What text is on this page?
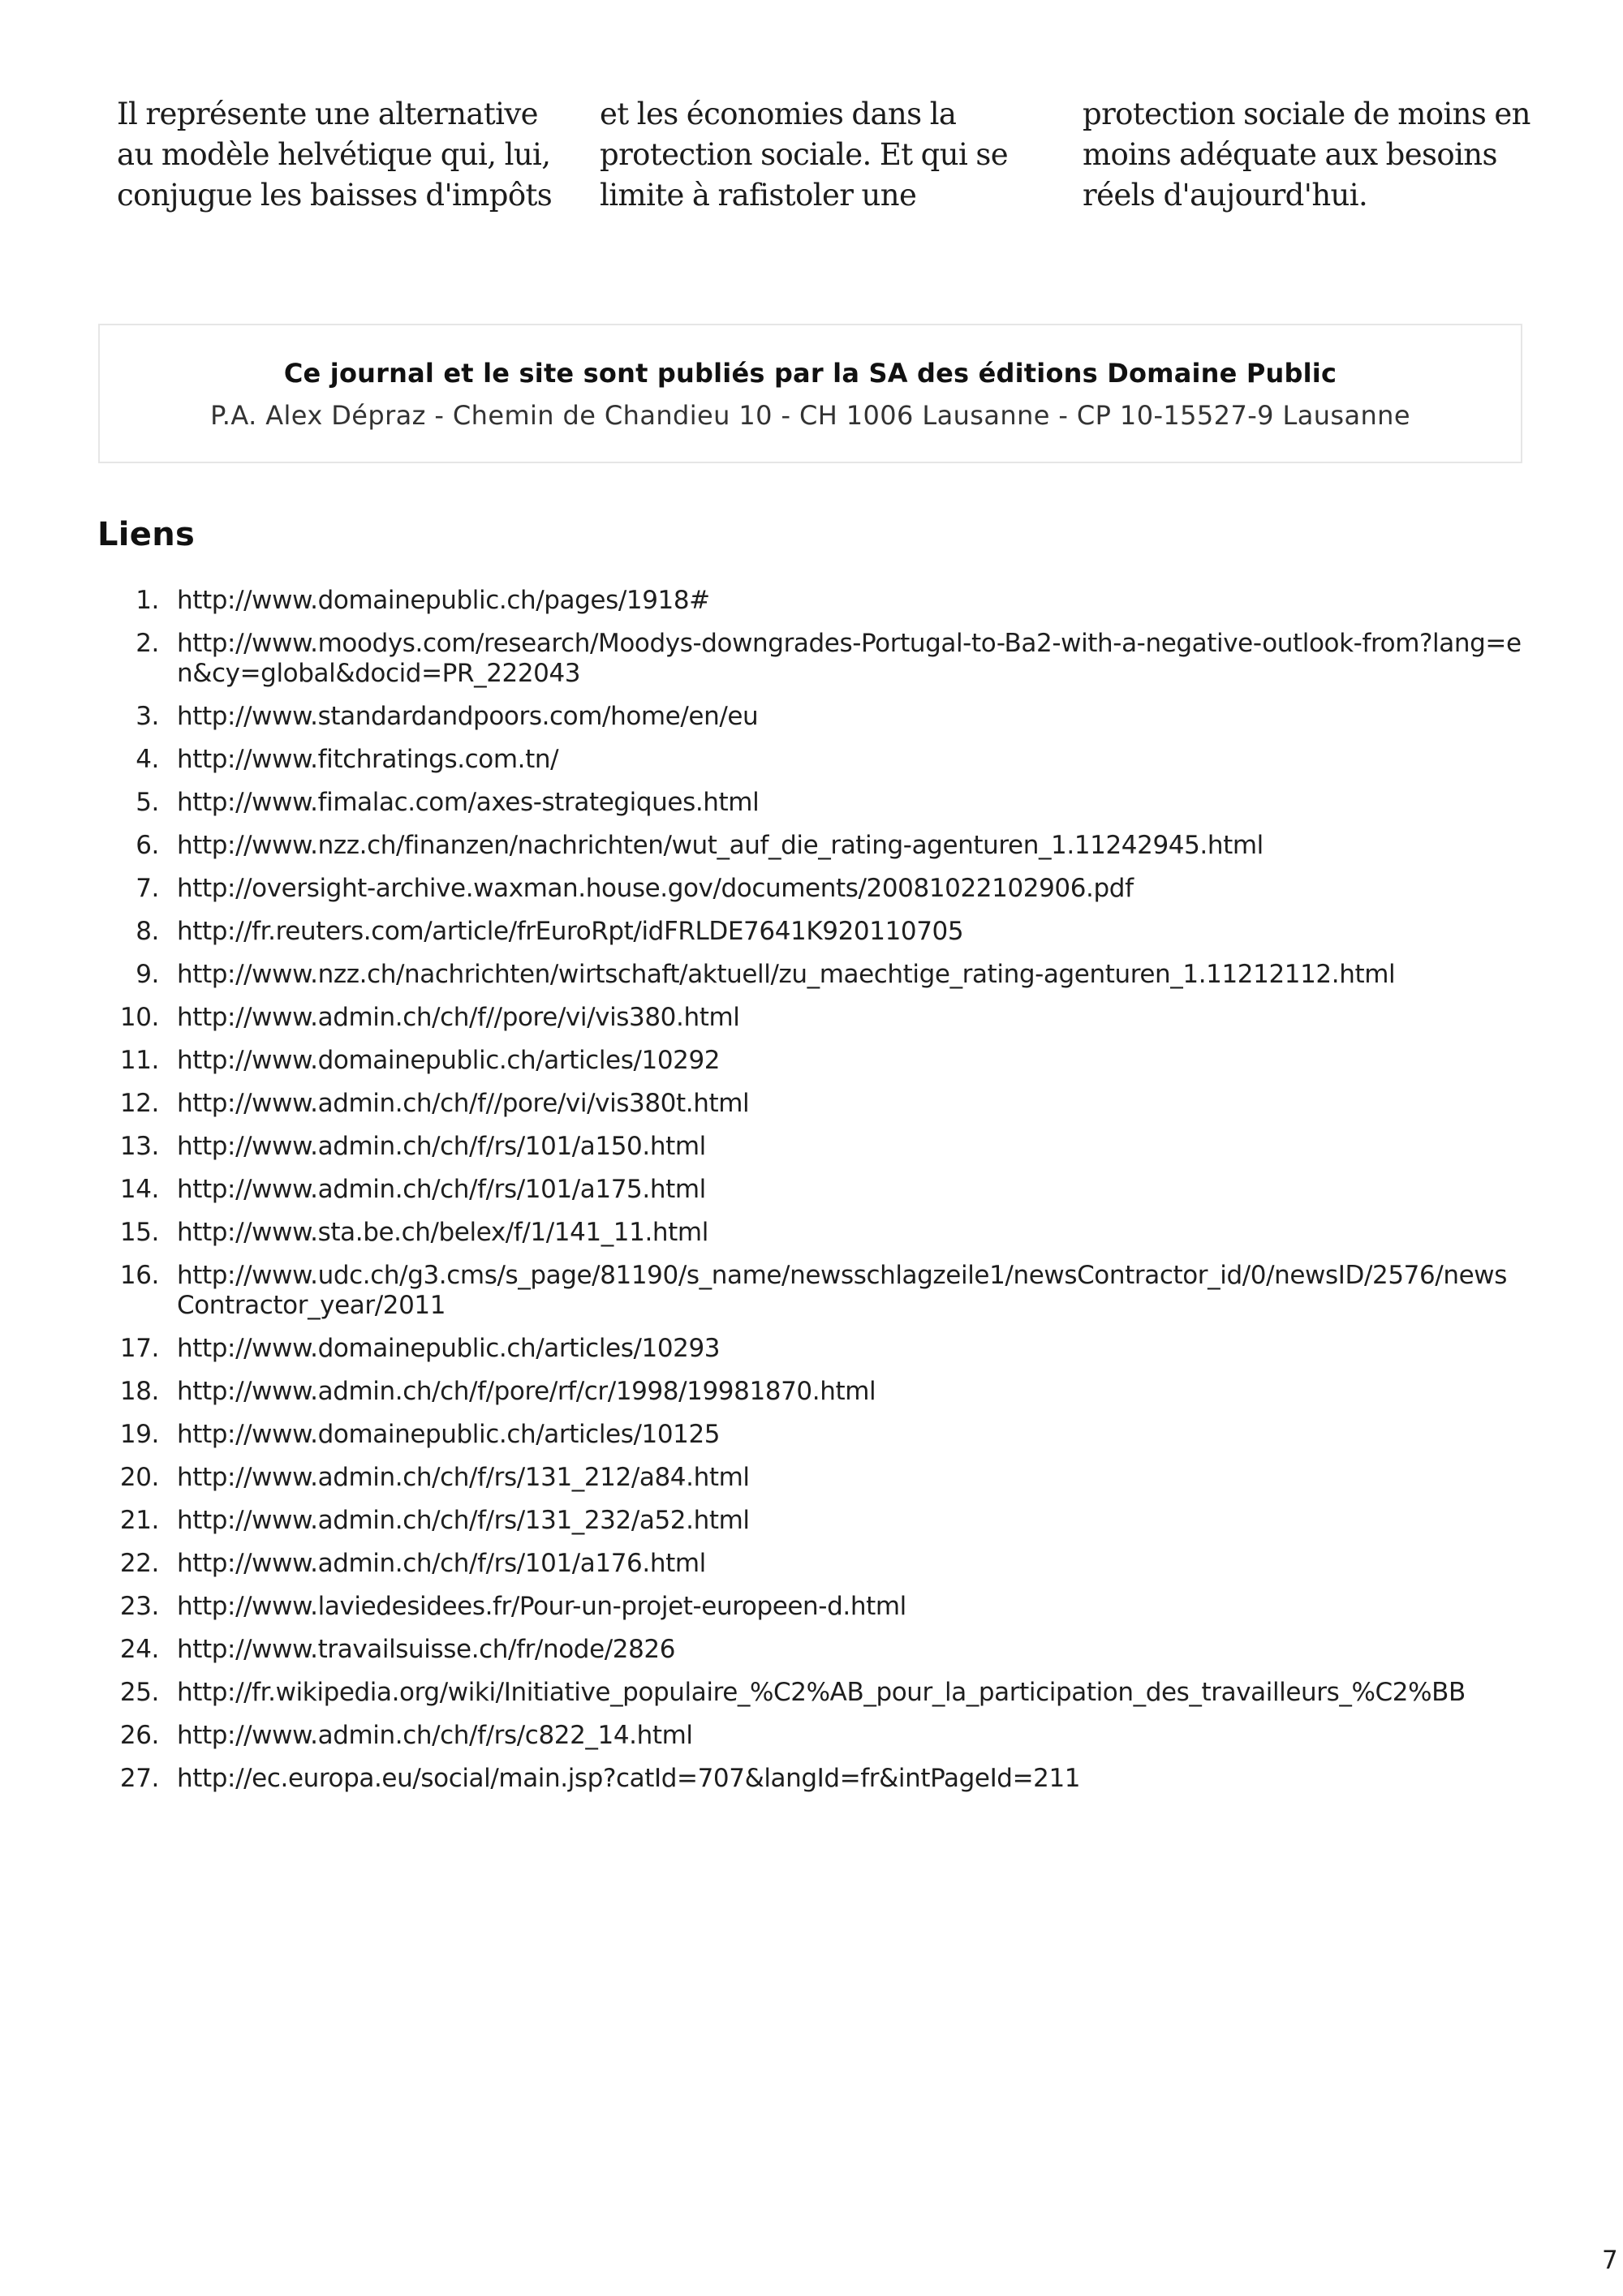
Il représente une alternative
au modèle helvétique qui, lui,
conjugue les baisses d'impôts

et les économies dans la
protection sociale. Et qui se
limite à rafistoler une

protection sociale de moins en
moins adéquate aux besoins
réels d'aujourd'hui.

Ce journal et le site sont publiés par la SA des éditions Domaine Public
P.A. Alex Dépraz - Chemin de Chandieu 10 - CH 1006 Lausanne - CP 10-15527-9 Lausanne
Liens
1. http://www.domainepublic.ch/pages/1918#
2. http://www.moodys.com/research/Moodys-downgrades-Portugal-to-Ba2-with-a-negative-outlook-from?lang=en&cy=global&docid=PR_222043
3. http://www.standardandpoors.com/home/en/eu
4. http://www.fitchratings.com.tn/
5. http://www.fimalac.com/axes-strategiques.html
6. http://www.nzz.ch/finanzen/nachrichten/wut_auf_die_rating-agenturen_1.11242945.html
7. http://oversight-archive.waxman.house.gov/documents/20081022102906.pdf
8. http://fr.reuters.com/article/frEuroRpt/idFRLDE7641K920110705
9. http://www.nzz.ch/nachrichten/wirtschaft/aktuell/zu_maechtige_rating-agenturen_1.11212112.html
10. http://www.admin.ch/ch/f//pore/vi/vis380.html
11. http://www.domainepublic.ch/articles/10292
12. http://www.admin.ch/ch/f//pore/vi/vis380t.html
13. http://www.admin.ch/ch/f/rs/101/a150.html
14. http://www.admin.ch/ch/f/rs/101/a175.html
15. http://www.sta.be.ch/belex/f/1/141_11.html
16. http://www.udc.ch/g3.cms/s_page/81190/s_name/newsschlagzeile1/newsContractor_id/0/newsID/2576/newsContractor_year/2011
17. http://www.domainepublic.ch/articles/10293
18. http://www.admin.ch/ch/f/pore/rf/cr/1998/19981870.html
19. http://www.domainepublic.ch/articles/10125
20. http://www.admin.ch/ch/f/rs/131_212/a84.html
21. http://www.admin.ch/ch/f/rs/131_232/a52.html
22. http://www.admin.ch/ch/f/rs/101/a176.html
23. http://www.laviedesidees.fr/Pour-un-projet-europeen-d.html
24. http://www.travailsuisse.ch/fr/node/2826
25. http://fr.wikipedia.org/wiki/Initiative_populaire_%C2%AB_pour_la_participation_des_travailleurs_%C2%BB
26. http://www.admin.ch/ch/f/rs/c822_14.html
27. http://ec.europa.eu/social/main.jsp?catId=707&langId=fr&intPageId=211
7
